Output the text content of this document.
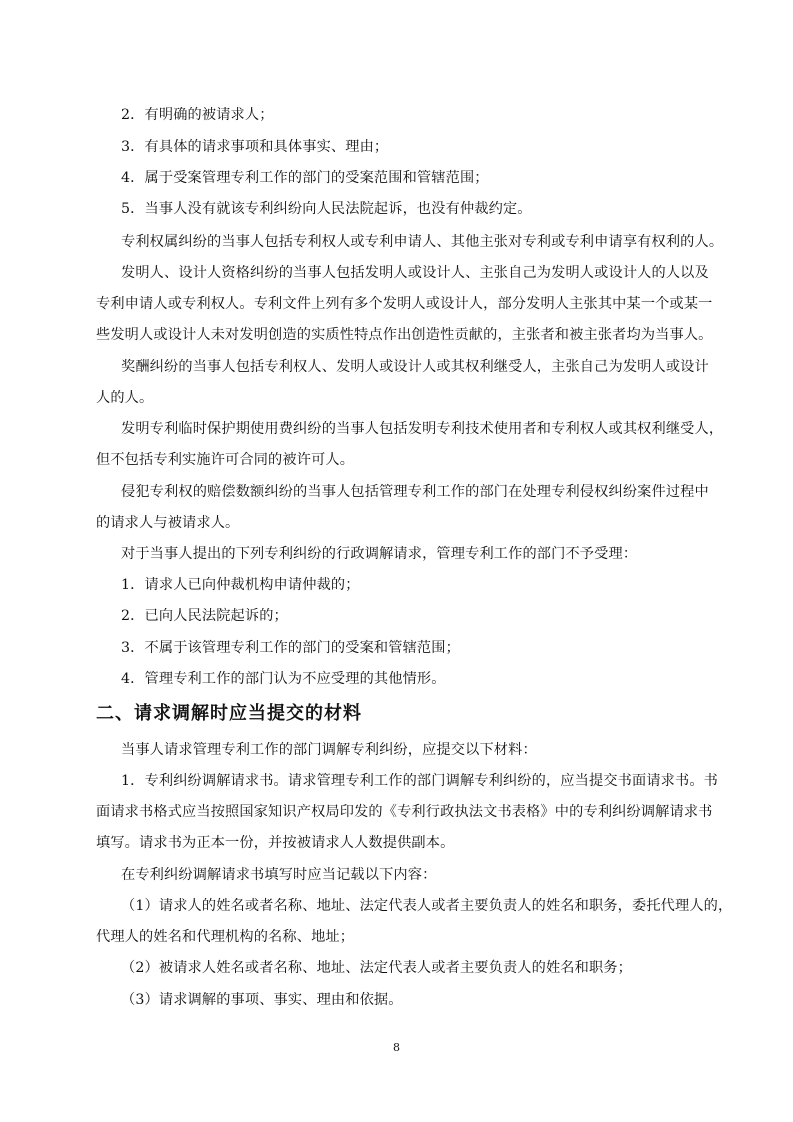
2．有明确的被请求人；
3．有具体的请求事项和具体事实、理由；
4．属于受案管理专利工作的部门的受案范围和管辖范围；
5．当事人没有就该专利纠纷向人民法院起诉，也没有仲裁约定。
专利权属纠纷的当事人包括专利权人或专利申请人、其他主张对专利或专利申请享有权利的人。
发明人、设计人资格纠纷的当事人包括发明人或设计人、主张自己为发明人或设计人的人以及
专利申请人或专利权人。专利文件上列有多个发明人或设计人，部分发明人主张其中某一个或某一
些发明人或设计人未对发明创造的实质性特点作出创造性贡献的，主张者和被主张者均为当事人。
奖酬纠纷的当事人包括专利权人、发明人或设计人或其权利继受人，主张自己为发明人或设计
人的人。
发明专利临时保护期使用费纠纷的当事人包括发明专利技术使用者和专利权人或其权利继受人，
但不包括专利实施许可合同的被许可人。
侵犯专利权的赔偿数额纠纷的当事人包括管理专利工作的部门在处理专利侵权纠纷案件过程中
的请求人与被请求人。
对于当事人提出的下列专利纠纷的行政调解请求，管理专利工作的部门不予受理：
1．请求人已向仲裁机构申请仲裁的；
2．已向人民法院起诉的；
3．不属于该管理专利工作的部门的受案和管辖范围；
4．管理专利工作的部门认为不应受理的其他情形。
二、请求调解时应当提交的材料
当事人请求管理专利工作的部门调解专利纠纷，应提交以下材料：
1．专利纠纷调解请求书。请求管理专利工作的部门调解专利纠纷的，应当提交书面请求书。书
面请求书格式应当按照国家知识产权局印发的《专利行政执法文书表格》中的专利纠纷调解请求书
填写。请求书为正本一份，并按被请求人人数提供副本。
在专利纠纷调解请求书填写时应当记载以下内容：
（1）请求人的姓名或者名称、地址、法定代表人或者主要负责人的姓名和职务，委托代理人的，
代理人的姓名和代理机构的名称、地址；
（2）被请求人姓名或者名称、地址、法定代表人或者主要负责人的姓名和职务；
（3）请求调解的事项、事实、理由和依据。
8
